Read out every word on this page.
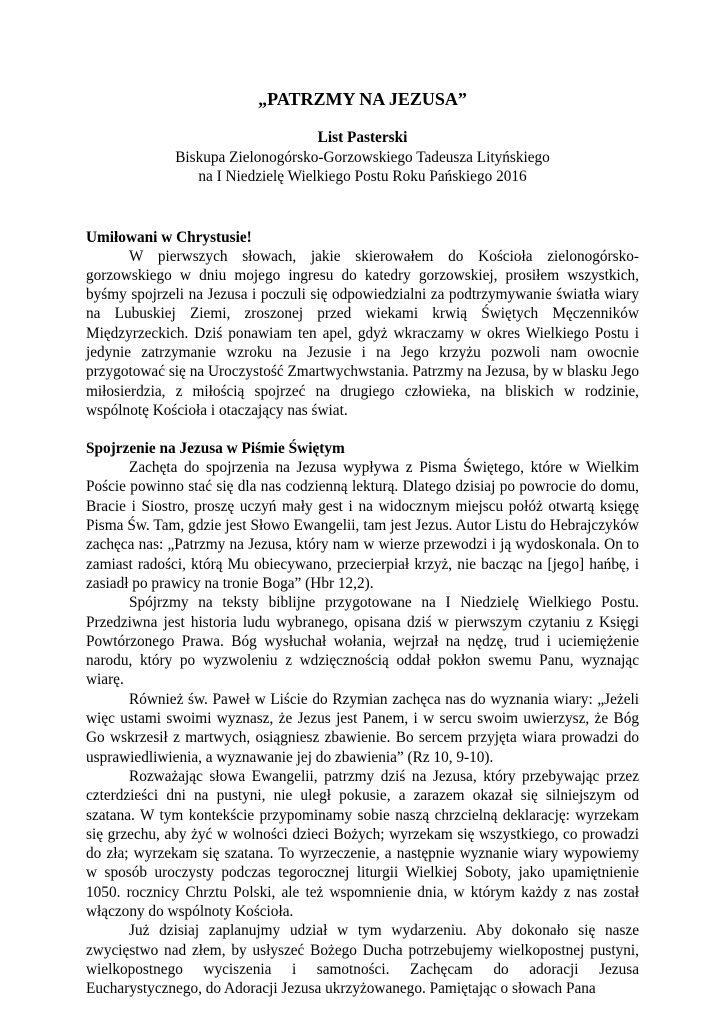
„PATRZMY NA JEZUSA”

List Pasterski

Biskupa Zielonogórsko-Gorzowskiego Tadeusza Lityńskiego

na I Niedzielę Wielkiego Postu Roku Pańskiego 2016

Umiłowani w Chrystusie!

W pierwszych słowach, jakie skierowałem do Kościoła zielonogórsko-gorzowskiego w dniu mojego ingresu do katedry gorzowskiej, prosiłem wszystkich, byśmy spojrzeli na Jezusa i poczuli się odpowiedzialni za podtrzymywanie światła wiary na Lubuskiej Ziemi, zroszonej przed wiekami krwią Świętych Męczenników Międzyrzeckich. Dziś ponawiam ten apel, gdyż wkraczamy w okres Wielkiego Postu i jedynie zatrzymanie wzroku na Jezusie i na Jego krzyżu pozwoli nam owocnie przygotować się na Uroczystość Zmartwychwstania. Patrzmy na Jezusa, by w blasku Jego miłosierdzia, z miłością spojrzeć na drugiego człowieka, na bliskich w rodzinie, wspólnotę Kościoła i otaczający nas świat.

Spojrzenie na Jezusa w Piśmie Świętym

Zachęta do spojrzenia na Jezusa wypływa z Pisma Świętego, które w Wielkim Poście powinno stać się dla nas codzienną lekturą. Dlatego dzisiaj po powrocie do domu, Bracie i Siostro, proszę uczyń mały gest i na widocznym miejscu połóż otwartą księgę Pisma Św. Tam, gdzie jest Słowo Ewangelii, tam jest Jezus. Autor Listu do Hebrajczyków zachęca nas: „Patrzmy na Jezusa, który nam w wierze przewodzi i ją wydoskonala. On to zamiast radości, którą Mu obiecywano, przecierpiał krzyż, nie bacząc na [jego] hańbę, i zasiadł po prawicy na tronie Boga” (Hbr 12,2).

Spójrzmy na teksty biblijne przygotowane na I Niedzielę Wielkiego Postu. Przedziwna jest historia ludu wybranego, opisana dziś w pierwszym czytaniu z Księgi Powtórzonego Prawa. Bóg wysłuchał wołania, wejrzał na nędzę, trud i uciemiężenie narodu, który po wyzwoleniu z wdzięcznością oddał pokłon swemu Panu, wyznając wiarę.

Również św. Paweł w Liście do Rzymian zachęca nas do wyznania wiary: „Jeżeli więc ustami swoimi wyznasz, że Jezus jest Panem, i w sercu swoim uwierzysz, że Bóg Go wskrzesił z martwych, osiągniesz zbawienie. Bo sercem przyjęta wiara prowadzi do usprawiedliwienia, a wyznawanie jej do zbawienia” (Rz 10, 9-10).

Rozważając słowa Ewangelii, patrzmy dziś na Jezusa, który przebywając przez czterdzieści dni na pustyni, nie uległ pokusie, a zarazem okazał się silniejszym od szatana. W tym kontekście przypominamy sobie naszą chrzcielną deklarację: wyrzekam się grzechu, aby żyć w wolności dzieci Bożych; wyrzekam się wszystkiego, co prowadzi do zła; wyrzekam się szatana. To wyrzeczenie, a następnie wyznanie wiary wypowiemy w sposób uroczysty podczas tegorocznej liturgii Wielkiej Soboty, jako upamiętnienie 1050. rocznicy Chrztu Polski, ale też wspomnienie dnia, w którym każdy z nas został włączony do wspólnoty Kościoła.

Już dzisiaj zaplanujmy udział w tym wydarzeniu. Aby dokonało się nasze zwycięstwo nad złem, by usłyszeć Bożego Ducha potrzebujemy wielkopostnej pustyni, wielkopostnego wyciszenia i samotności. Zachęcam do adoracji Jezusa Eucharystycznego, do Adoracji Jezusa ukrzyżowanego. Pamiętając o słowach Pana
